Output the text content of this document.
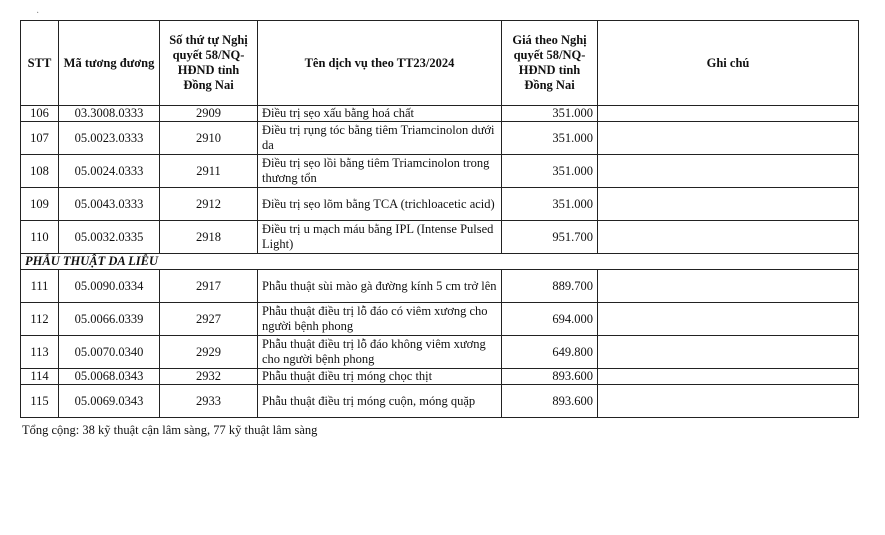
·
STT	Mã tương đương	Số thứ tự Nghị quyết 58/NQ-HĐND tỉnh Đồng Nai	Tên dịch vụ theo TT23/2024	Giá theo Nghị quyết 58/NQ-HĐND tỉnh Đồng Nai	Ghi chú
106	03.3008.0333	2909	Điều trị sẹo xấu bằng hoá chất	351.000	
107	05.0023.0333	2910	Điều trị rụng tóc bằng tiêm Triamcinolon dưới da	351.000	
108	05.0024.0333	2911	Điều trị sẹo lồi bằng tiêm Triamcinolon trong thương tổn	351.000	
109	05.0043.0333	2912	Điều trị sẹo lõm bằng TCA (trichloacetic acid)	351.000	
110	05.0032.0335	2918	Điều trị u mạch máu bằng IPL (Intense Pulsed Light)	951.700	
PHẪU THUẬT DA LIỄU					
111	05.0090.0334	2917	Phẫu thuật sùi mào gà đường kính 5 cm trở lên	889.700	
112	05.0066.0339	2927	Phẫu thuật điều trị lỗ đáo có viêm xương cho người bệnh phong	694.000	
113	05.0070.0340	2929	Phẫu thuật điều trị lỗ đáo không viêm xương cho người bệnh phong	649.800	
114	05.0068.0343	2932	Phẫu thuật điều trị móng chọc thịt	893.600	
115	05.0069.0343	2933	Phẫu thuật điều trị móng cuộn, móng quặp	893.600	
Tổng cộng: 38 kỹ thuật cận lâm sàng, 77 kỹ thuật lâm sàng
